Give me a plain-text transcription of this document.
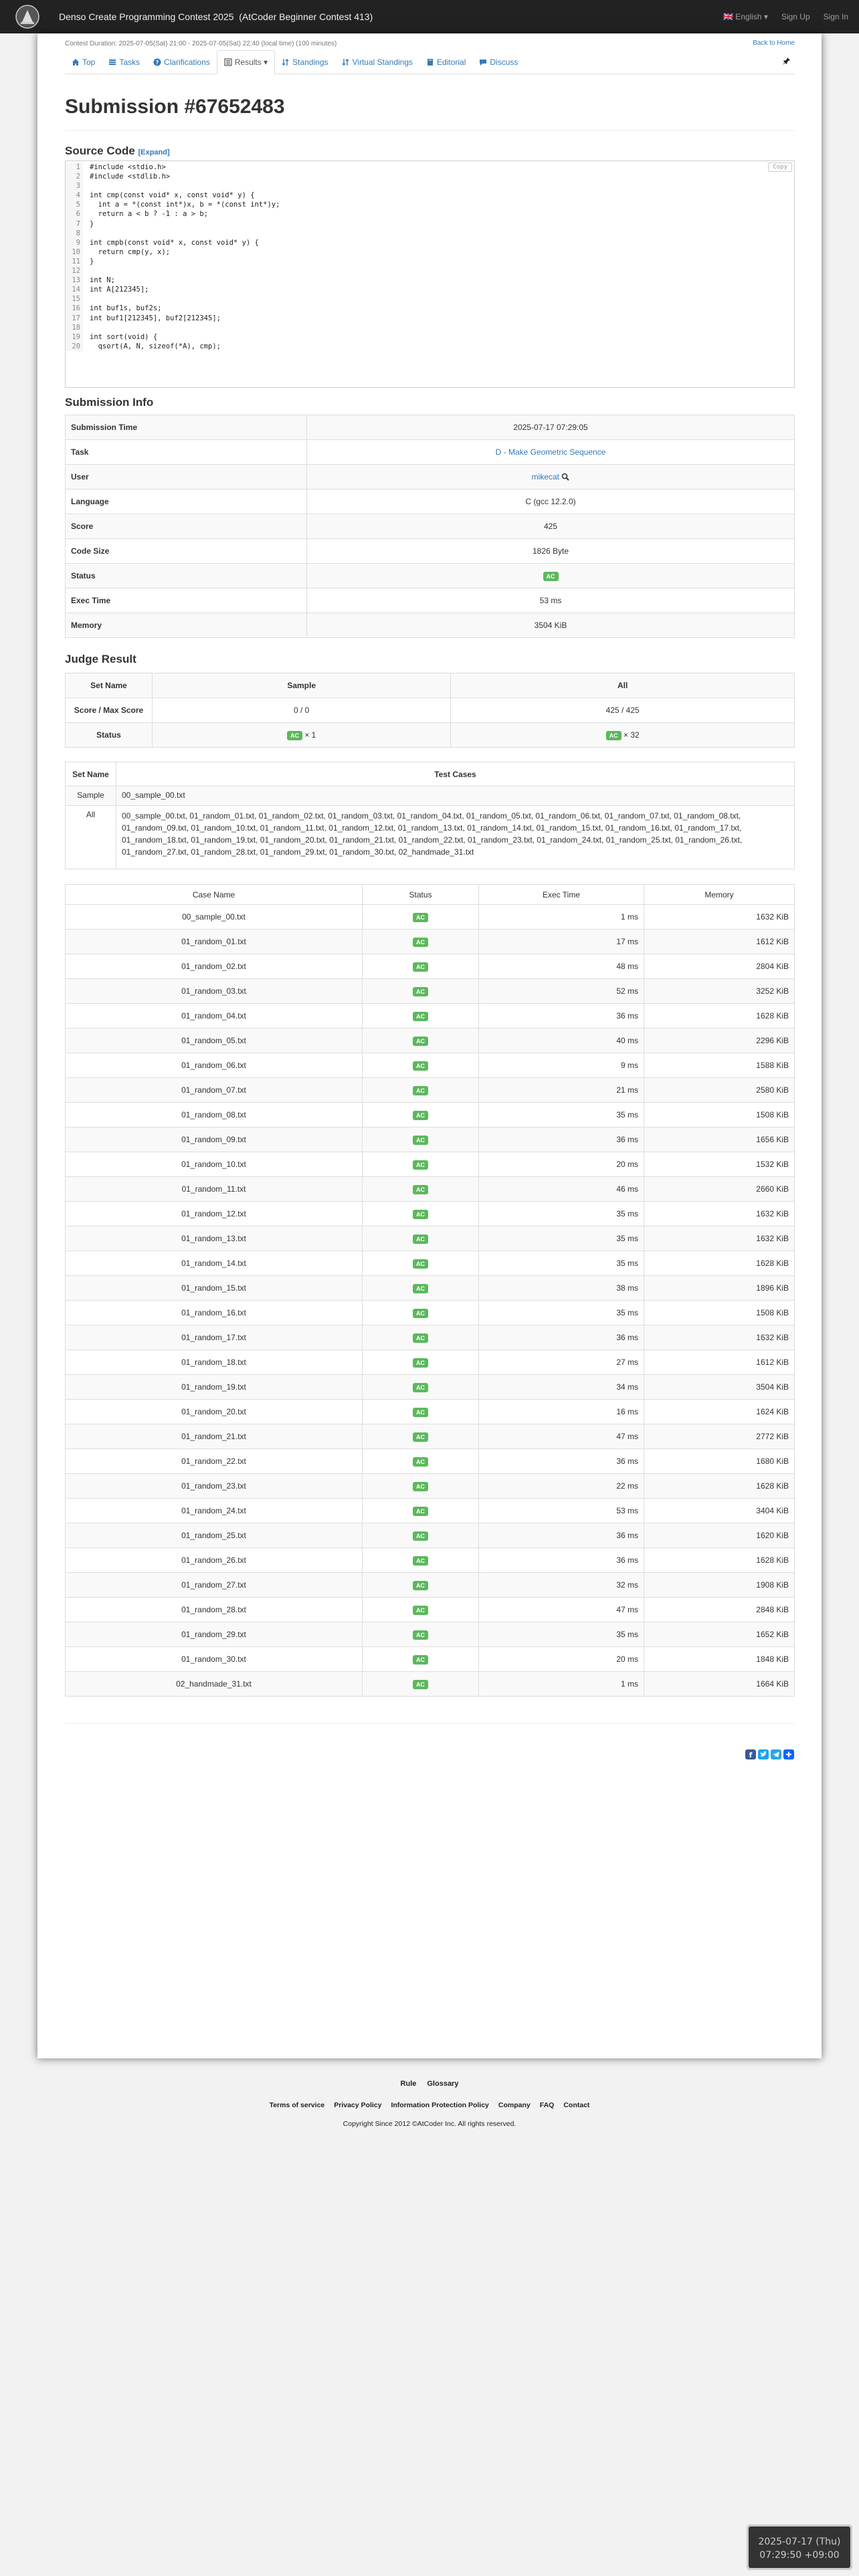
Denso Create Programming Contest 2025  (AtCoder Beginner Contest 413)	🇬🇧 English ▾	Sign Up	Sign In
Contest Duration: 2025-07-05(Sat) 21:00 - 2025-07-05(Sat) 22:40 (local time) (100 minutes)	Back to Home
Top	Tasks	? Clarifications	Results ▾	Standings	Virtual Standings	Editorial	Discuss
Submission #67652483
Source Code [Expand]
Copy
1	#include <stdio.h>
2	#include <stdlib.h>
3
4	int cmp(const void* x, const void* y) {
5	int a = *(const int*)x, b = *(const int*)y;
6	return a < b ? -1 : a > b;
7	}
8
9	int cmpb(const void* x, const void* y) {
10	return cmp(y, x);
11	}
12
13	int N;
14	int A[212345];
15
16	int buf1s, buf2s;
17	int buf1[212345], buf2[212345];
18
19	int sort(void) {
20	qsort(A, N, sizeof(*A), cmp);
Submission Info
Submission Time	2025-07-17 07:29:05
Task	D - Make Geometric Sequence
User	mikecat
Language	C (gcc 12.2.0)
Score	425
Code Size	1826 Byte
Status	AC
Exec Time	53 ms
Memory	3504 KiB
Judge Result
Set Name	Sample	All
Score / Max Score	0 / 0	425 / 425
Status	AC × 1	AC × 32
Set Name	Test Cases
Sample	00_sample_00.txt
All	00_sample_00.txt, 01_random_01.txt, 01_random_02.txt, 01_random_03.txt, 01_random_04.txt, 01_random_05.txt, 01_random_06.txt, 01_random_07.txt, 01_random_08.txt, 01_random_09.txt, 01_random_10.txt, 01_random_11.txt, 01_random_12.txt, 01_random_13.txt, 01_random_14.txt, 01_random_15.txt, 01_random_16.txt, 01_random_17.txt, 01_random_18.txt, 01_random_19.txt, 01_random_20.txt, 01_random_21.txt, 01_random_22.txt, 01_random_23.txt, 01_random_24.txt, 01_random_25.txt, 01_random_26.txt, 01_random_27.txt, 01_random_28.txt, 01_random_29.txt, 01_random_30.txt, 02_handmade_31.txt
Case Name	Status	Exec Time	Memory
00_sample_00.txt	AC	1 ms	1632 KiB
01_random_01.txt	AC	17 ms	1612 KiB
01_random_02.txt	AC	48 ms	2804 KiB
01_random_03.txt	AC	52 ms	3252 KiB
01_random_04.txt	AC	36 ms	1628 KiB
01_random_05.txt	AC	40 ms	2296 KiB
01_random_06.txt	AC	9 ms	1588 KiB
01_random_07.txt	AC	21 ms	2580 KiB
01_random_08.txt	AC	35 ms	1508 KiB
01_random_09.txt	AC	36 ms	1656 KiB
01_random_10.txt	AC	20 ms	1532 KiB
01_random_11.txt	AC	46 ms	2660 KiB
01_random_12.txt	AC	35 ms	1632 KiB
01_random_13.txt	AC	35 ms	1632 KiB
01_random_14.txt	AC	35 ms	1628 KiB
01_random_15.txt	AC	38 ms	1896 KiB
01_random_16.txt	AC	35 ms	1508 KiB
01_random_17.txt	AC	36 ms	1632 KiB
01_random_18.txt	AC	27 ms	1612 KiB
01_random_19.txt	AC	34 ms	3504 KiB
01_random_20.txt	AC	16 ms	1624 KiB
01_random_21.txt	AC	47 ms	2772 KiB
01_random_22.txt	AC	36 ms	1680 KiB
01_random_23.txt	AC	22 ms	1628 KiB
01_random_24.txt	AC	53 ms	3404 KiB
01_random_25.txt	AC	36 ms	1620 KiB
01_random_26.txt	AC	36 ms	1628 KiB
01_random_27.txt	AC	32 ms	1908 KiB
01_random_28.txt	AC	47 ms	2848 KiB
01_random_29.txt	AC	35 ms	1652 KiB
01_random_30.txt	AC	20 ms	1848 KiB
02_handmade_31.txt	AC	1 ms	1664 KiB
f
Rule Glossary
Terms of service Privacy Policy Information Protection Policy Company FAQ Contact
Copyright Since 2012 ©AtCoder Inc. All rights reserved.
2025-07-17 (Thu)
07:29:50 +09:00
